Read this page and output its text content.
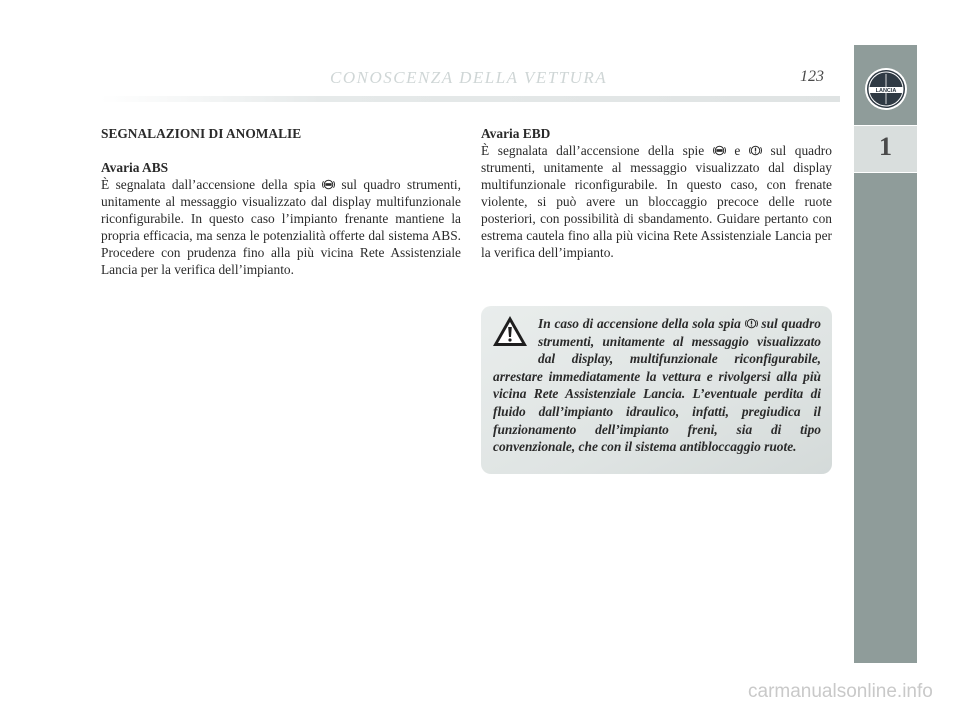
CONOSCENZA DELLA VETTURA	123
LANCIA
1

SEGNALAZIONI DI ANOMALIE

Avaria ABS

È segnalata dall’accensione della spia sul quadro strumenti, unitamente al messaggio visualizzato dal display multifunzionale riconfigurabile. In questo caso l’impianto frenante mantiene la propria efficacia, ma senza le potenzialità offerte dal sistema ABS. Procedere con prudenza fino alla più vicina Rete Assistenziale Lancia per la verifica dell’impianto.

Avaria EBD

È segnalata dall’accensione della spie e sul quadro strumenti, unitamente al messaggio visualizzato dal display multifunzionale riconfigurabile. In questo caso, con frenate violente, si può avere un bloccaggio precoce delle ruote posteriori, con possibilità di sbandamento. Guidare pertanto con estrema cautela fino alla più vicina Rete Assistenziale Lancia per la verifica dell’impianto.

In caso di accensione della sola spia sul quadro strumenti, unitamente al messaggio visualizzato dal display, multifunzionale riconfigurabile, arrestare immediatamente la vettura e rivolgersi alla più vicina Rete Assistenziale Lancia. L’eventuale perdita di fluido dall’impianto idraulico, infatti, pregiudica il funzionamento dell’impianto freni, sia di tipo convenzionale, che con il sistema antibloccaggio ruote.
carmanualsonline.info
